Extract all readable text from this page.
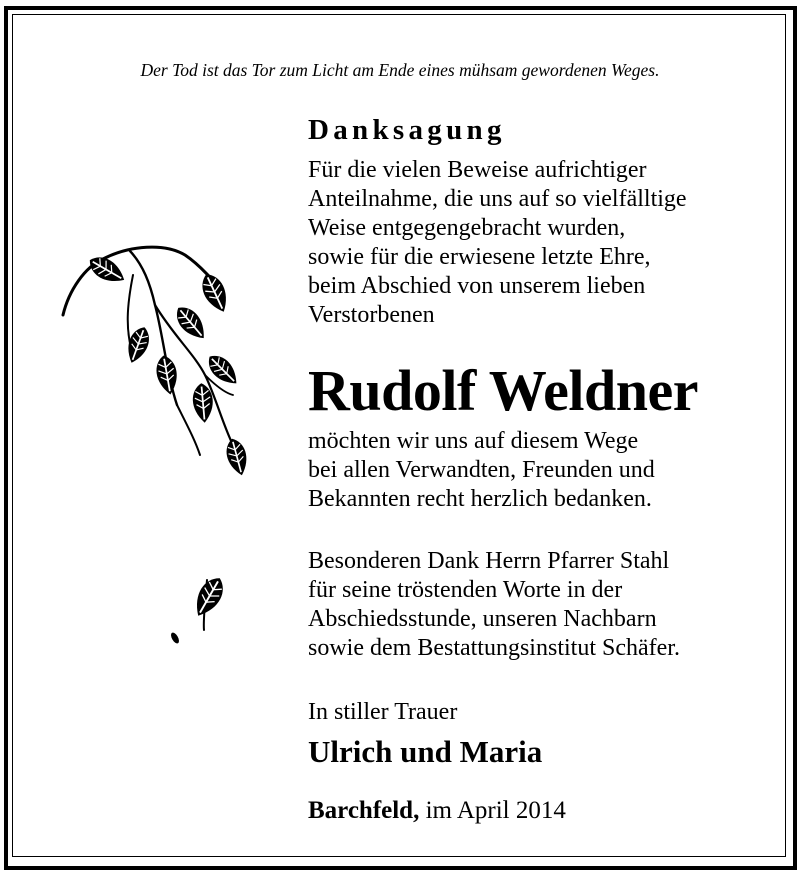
Der Tod ist das Tor zum Licht am Ende eines mühsam gewordenen Weges.
Danksagung
Für die vielen Beweise aufrichtiger
Anteilnahme, die uns auf so vielfälltige
Weise entgegengebracht wurden,
sowie für die erwiesene letzte Ehre,
beim Abschied von unserem lieben
Verstorbenen
Rudolf Weldner
möchten wir uns auf diesem Wege
bei allen Verwandten, Freunden und
Bekannten recht herzlich bedanken.
Besonderen Dank Herrn Pfarrer Stahl
für seine tröstenden Worte in der
Abschiedsstunde, unseren Nachbarn
sowie dem Bestattungsinstitut Schäfer.
In stiller Trauer
Ulrich und Maria
Barchfeld, im April 2014
